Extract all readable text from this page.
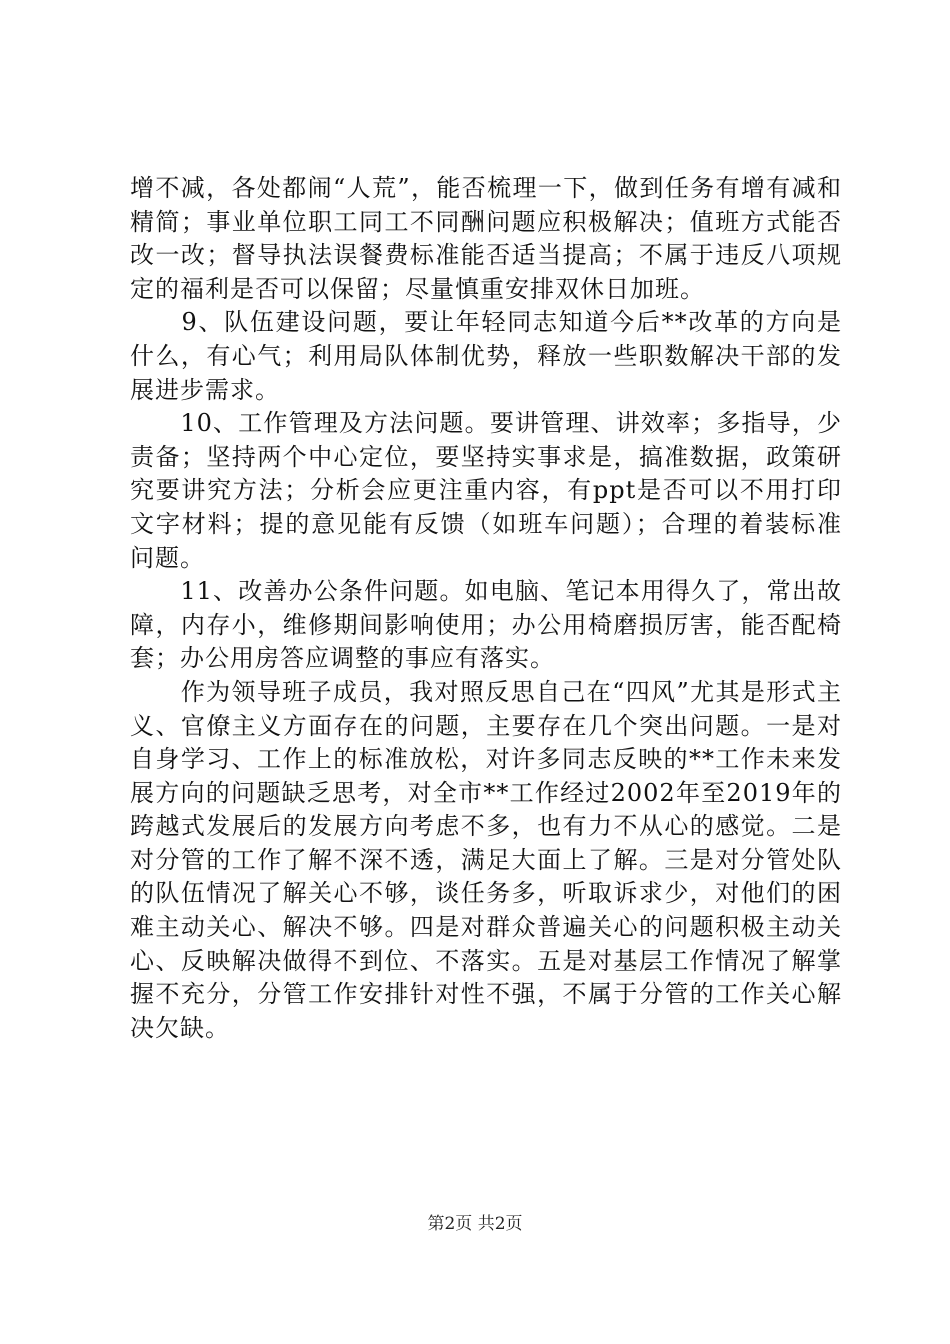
增不减，各处都闹“人荒”，能否梳理一下，做到任务有增有减和精简；事业单位职工同工不同酬问题应积极解决；值班方式能否改一改；督导执法误餐费标准能否适当提高；不属于违反八项规定的福利是否可以保留；尽量慎重安排双休日加班。

　　9、队伍建设问题，要让年轻同志知道今后**改革的方向是什么，有心气；利用局队体制优势，释放一些职数解决干部的发展进步需求。

　　10、工作管理及方法问题。要讲管理、讲效率；多指导，少责备；坚持两个中心定位，要坚持实事求是，搞准数据，政策研究要讲究方法；分析会应更注重内容，有ppt是否可以不用打印文字材料；提的意见能有反馈（如班车问题）；合理的着装标准问题。

　　11、改善办公条件问题。如电脑、笔记本用得久了，常出故障，内存小，维修期间影响使用；办公用椅磨损厉害，能否配椅套；办公用房答应调整的事应有落实。

　　作为领导班子成员，我对照反思自己在“四风”尤其是形式主义、官僚主义方面存在的问题，主要存在几个突出问题。一是对自身学习、工作上的标准放松，对许多同志反映的**工作未来发展方向的问题缺乏思考，对全市**工作经过2002年至2019年的跨越式发展后的发展方向考虑不多，也有力不从心的感觉。二是对分管的工作了解不深不透，满足大面上了解。三是对分管处队的队伍情况了解关心不够，谈任务多，听取诉求少，对他们的困难主动关心、解决不够。四是对群众普遍关心的问题积极主动关心、反映解决做得不到位、不落实。五是对基层工作情况了解掌握不充分，分管工作安排针对性不强，不属于分管的工作关心解决欠缺。

第2页 共2页
